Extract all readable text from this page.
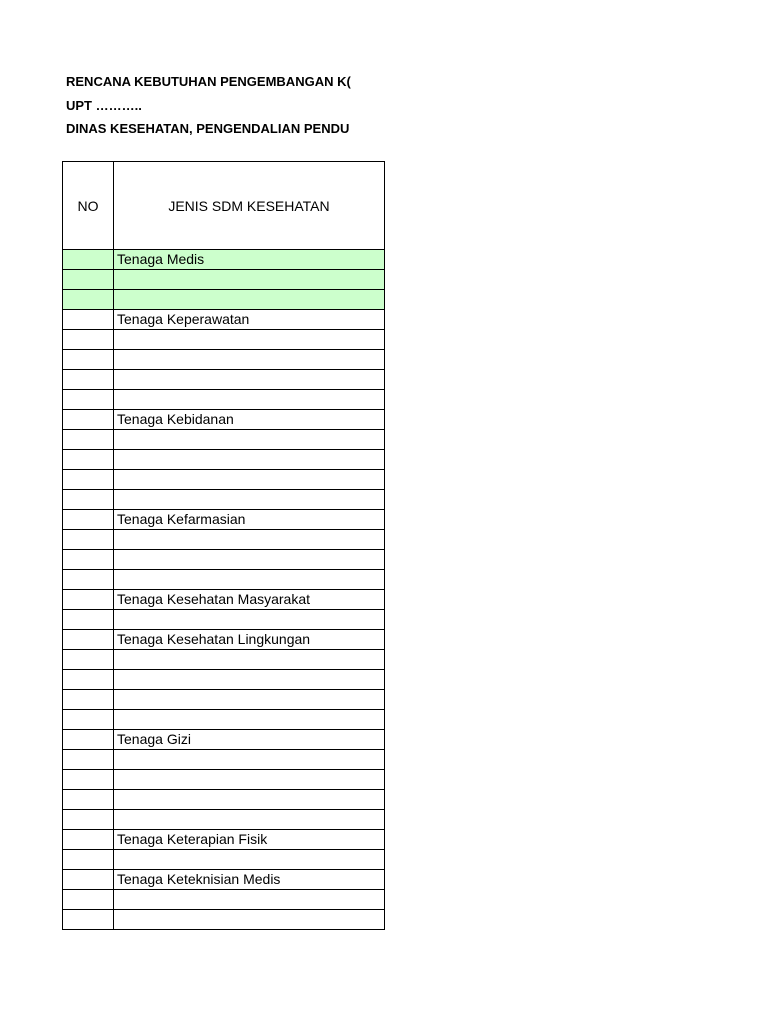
RENCANA KEBUTUHAN PENGEMBANGAN K(
UPT ………..
DINAS KESEHATAN, PENGENDALIAN PENDU
NO	JENIS SDM KESEHATAN
	Tenaga Medis

	Tenaga Keperawatan

	Tenaga Kebidanan

	Tenaga Kefarmasian

	Tenaga Kesehatan Masyarakat

	Tenaga Kesehatan Lingkungan

	Tenaga Gizi

	Tenaga Keterapian Fisik

	Tenaga Keteknisian Medis
